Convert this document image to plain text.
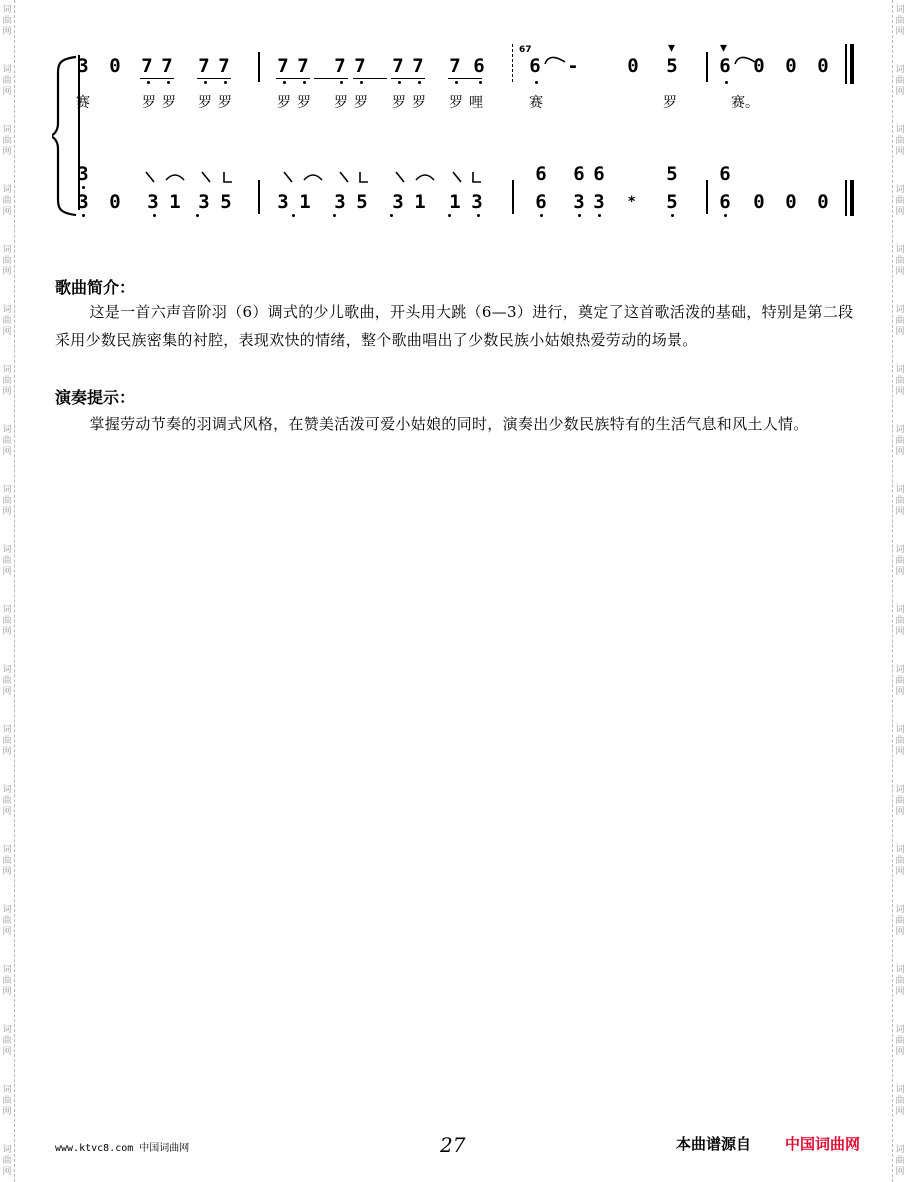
词
曲
网
词
曲
网
词
曲
网
词
曲
网
词
曲
网
词
曲
网
词
曲
网
词
曲
网
词
曲
网
词
曲
网
词
曲
网
词
曲
网
词
曲
网
词
曲
网
词
曲
网
词
曲
网
词
曲
网
词
曲
网
词
曲
网
词
曲
网
词
曲
网
词
曲
网
词
曲
网
词
曲
网
词
曲
网
词
曲
网
词
曲
网
词
曲
网
词
曲
网
词
曲
网
词
曲
网
词
曲
网
词
曲
网
词
曲
网
词
曲
网
词
曲
网
词
曲
网
词
曲
网
词
曲
网
词
曲
网
3 0 7 7 7 7	7 7 7 7 7 7 7 6 6 -	0 5 6 0 0 0
67	▾	▾
赛	罗 罗 罗 罗	罗 罗 罗 罗 罗 罗 罗 哩	赛	罗	赛。
3	6 6 6	5 6
3 0 3 1 3 5 3 1 3 5 3 1 1 3	6 3 3	5 6 0 0 0
*
歌曲简介：
这是一首六声音阶羽（6）调式的少儿歌曲，开头用大跳（6—3）进行，奠定了这首歌活泼的基础，特别是第二段采用少数民族密集的衬腔，表现欢快的情绪，整个歌曲唱出了少数民族小姑娘热爱劳动的场景。
演奏提示：
掌握劳动节奏的羽调式风格，在赞美活泼可爱小姑娘的同时，演奏出少数民族特有的生活气息和风土人情。
www.ktvc8.com 中国词曲网	27	本曲谱源自 中国词曲网
